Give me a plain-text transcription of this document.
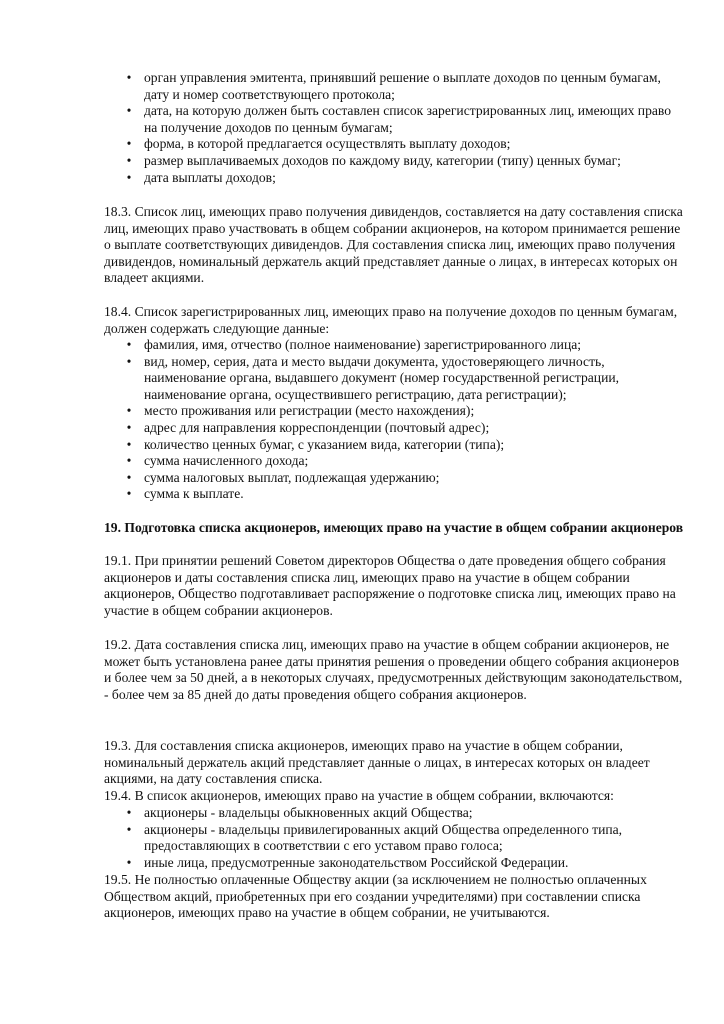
• орган управления эмитента, принявший решение о выплате доходов по ценным бумагам, дату и номер соответствующего протокола;
• дата, на которую должен быть составлен список зарегистрированных лиц, имеющих право на получение доходов по ценным бумагам;
• форма, в которой предлагается осуществлять выплату доходов;
• размер выплачиваемых доходов по каждому виду, категории (типу) ценных бумаг;
• дата выплаты доходов;

18.3. Список лиц, имеющих право получения дивидендов, составляется на дату составления списка лиц, имеющих право участвовать в общем собрании акционеров, на котором принимается решение о выплате соответствующих дивидендов. Для составления списка лиц, имеющих право получения дивидендов, номинальный держатель акций представляет данные о лицах, в интересах которых он владеет акциями.

18.4. Список зарегистрированных лиц, имеющих право на получение доходов по ценным бумагам, должен содержать следующие данные:

• фамилия, имя, отчество (полное наименование) зарегистрированного лица;
• вид, номер, серия, дата и место выдачи документа, удостоверяющего личность, наименование органа, выдавшего документ (номер государственной регистрации, наименование органа, осуществившего регистрацию, дата регистрации);
• место проживания или регистрации (место нахождения);
• адрес для направления корреспонденции (почтовый адрес);
• количество ценных бумаг, с указанием вида, категории (типа);
• сумма начисленного дохода;
• сумма налоговых выплат, подлежащая удержанию;
• сумма к выплате.

19. Подготовка списка акционеров, имеющих право на участие в общем собрании акционеров

19.1. При принятии решений Советом директоров Общества о дате проведения общего собрания акционеров и даты составления списка лиц, имеющих право на участие в общем собрании акционеров, Общество подготавливает распоряжение о подготовке списка лиц, имеющих право на участие в общем собрании акционеров.

19.2. Дата составления списка лиц, имеющих право на участие в общем собрании акционеров, не может быть установлена ранее даты принятия решения о проведении общего собрания акционеров и более чем за 50 дней, а в некоторых случаях, предусмотренных действующим законодательством, - более чем за 85 дней до даты проведения общего собрания акционеров.

19.3. Для составления списка акционеров, имеющих право на участие в общем собрании, номинальный держатель акций представляет данные о лицах, в интересах которых он владеет акциями, на дату составления списка.

19.4. В список акционеров, имеющих право на участие в общем собрании, включаются:

• акционеры - владельцы обыкновенных акций Общества;
• акционеры - владельцы привилегированных акций Общества определенного типа, предоставляющих в соответствии с его уставом право голоса;
• иные лица, предусмотренные законодательством Российской Федерации.

19.5. Не полностью оплаченные Обществу акции (за исключением не полностью оплаченных Обществом акций, приобретенных при его создании учредителями) при составлении списка акционеров, имеющих право на участие в общем собрании, не учитываются.
